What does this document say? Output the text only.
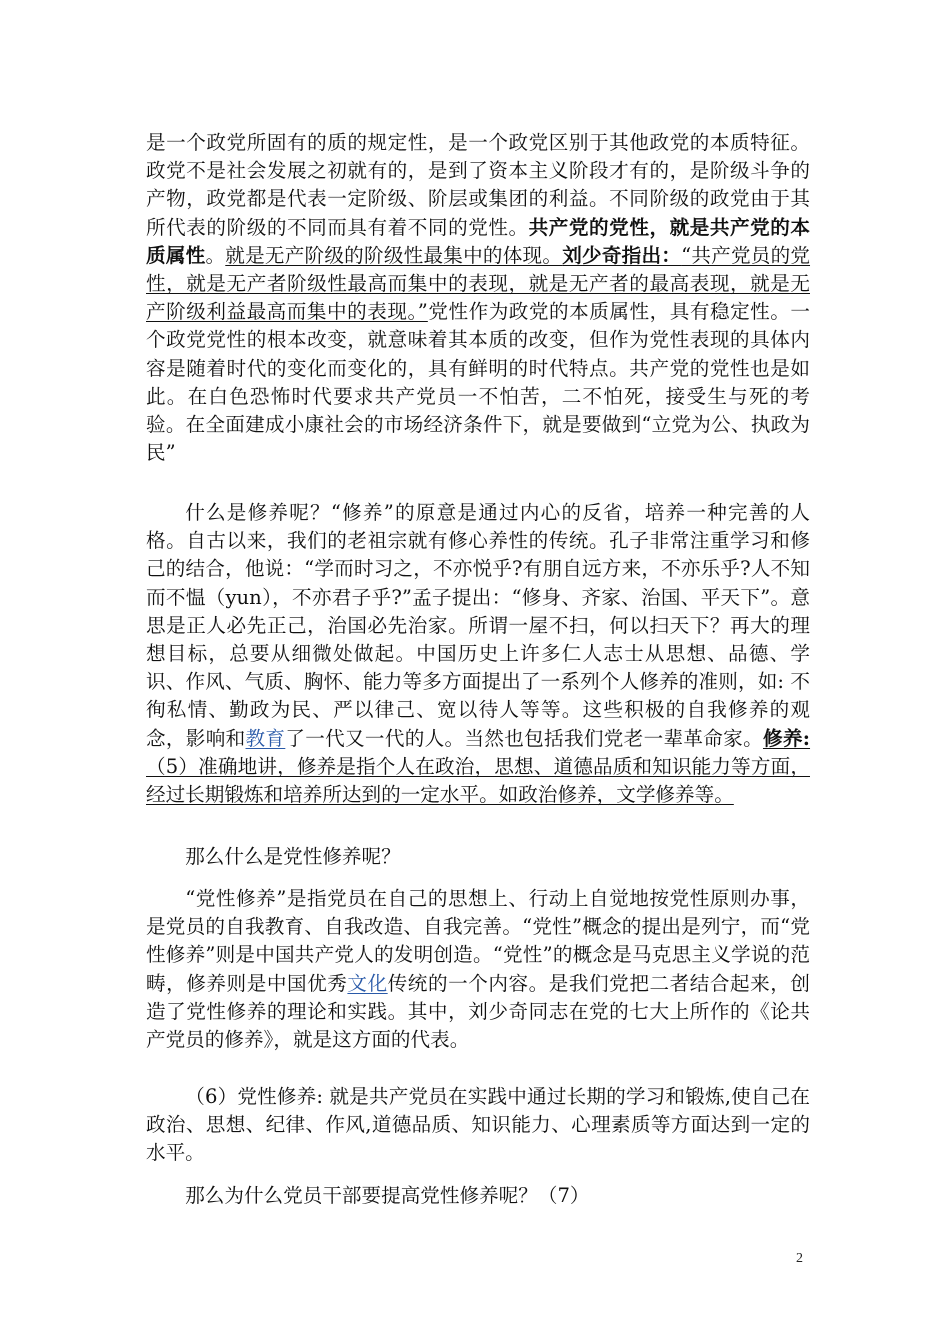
是一个政党所固有的质的规定性，是一个政党区别于其他政党的本质特征。政党不是社会发展之初就有的，是到了资本主义阶段才有的，是阶级斗争的产物，政党都是代表一定阶级、阶层或集团的利益。不同阶级的政党由于其所代表的阶级的不同而具有着不同的党性。共产党的党性，就是共产党的本质属性。就是无产阶级的阶级性最集中的体现。刘少奇指出：“共产党员的党性，就是无产者阶级性最高而集中的表现，就是无产者的最高表现，就是无产阶级利益最高而集中的表现。”党性作为政党的本质属性，具有稳定性。一个政党党性的根本改变，就意味着其本质的改变，但作为党性表现的具体内容是随着时代的变化而变化的，具有鲜明的时代特点。共产党的党性也是如此。在白色恐怖时代要求共产党员一不怕苦，二不怕死，接受生与死的考验。在全面建成小康社会的市场经济条件下，就是要做到“立党为公、执政为民”

什么是修养呢？“修养”的原意是通过内心的反省，培养一种完善的人格。自古以来，我们的老祖宗就有修心养性的传统。孔子非常注重学习和修己的结合，他说：“学而时习之，不亦悦乎?有朋自远方来，不亦乐乎?人不知而不愠（yun），不亦君子乎?”孟子提出：“修身、齐家、治国、平天下”。意思是正人必先正己，治国必先治家。所谓一屋不扫，何以扫天下？再大的理想目标，总要从细微处做起。中国历史上许多仁人志士从思想、品德、学识、作风、气质、胸怀、能力等多方面提出了一系列个人修养的准则，如: 不徇私情、勤政为民、严以律己、宽以待人等等。这些积极的自我修养的观念，影响和教育了一代又一代的人。当然也包括我们党老一辈革命家。修养:（5）准确地讲，修养是指个人在政治，思想、道德品质和知识能力等方面，经过长期锻炼和培养所达到的一定水平。如政治修养，文学修养等。

那么什么是党性修养呢？

“党性修养”是指党员在自己的思想上、行动上自觉地按党性原则办事，是党员的自我教育、自我改造、自我完善。“党性”概念的提出是列宁，而“党性修养”则是中国共产党人的发明创造。“党性”的概念是马克思主义学说的范畴，修养则是中国优秀文化传统的一个内容。是我们党把二者结合起来，创造了党性修养的理论和实践。其中，刘少奇同志在党的七大上所作的《论共产党员的修养》，就是这方面的代表。

（6）党性修养: 就是共产党员在实践中通过长期的学习和锻炼,使自己在政治、思想、纪律、作风,道德品质、知识能力、心理素质等方面达到一定的水平。

那么为什么党员干部要提高党性修养呢？（7）

2
